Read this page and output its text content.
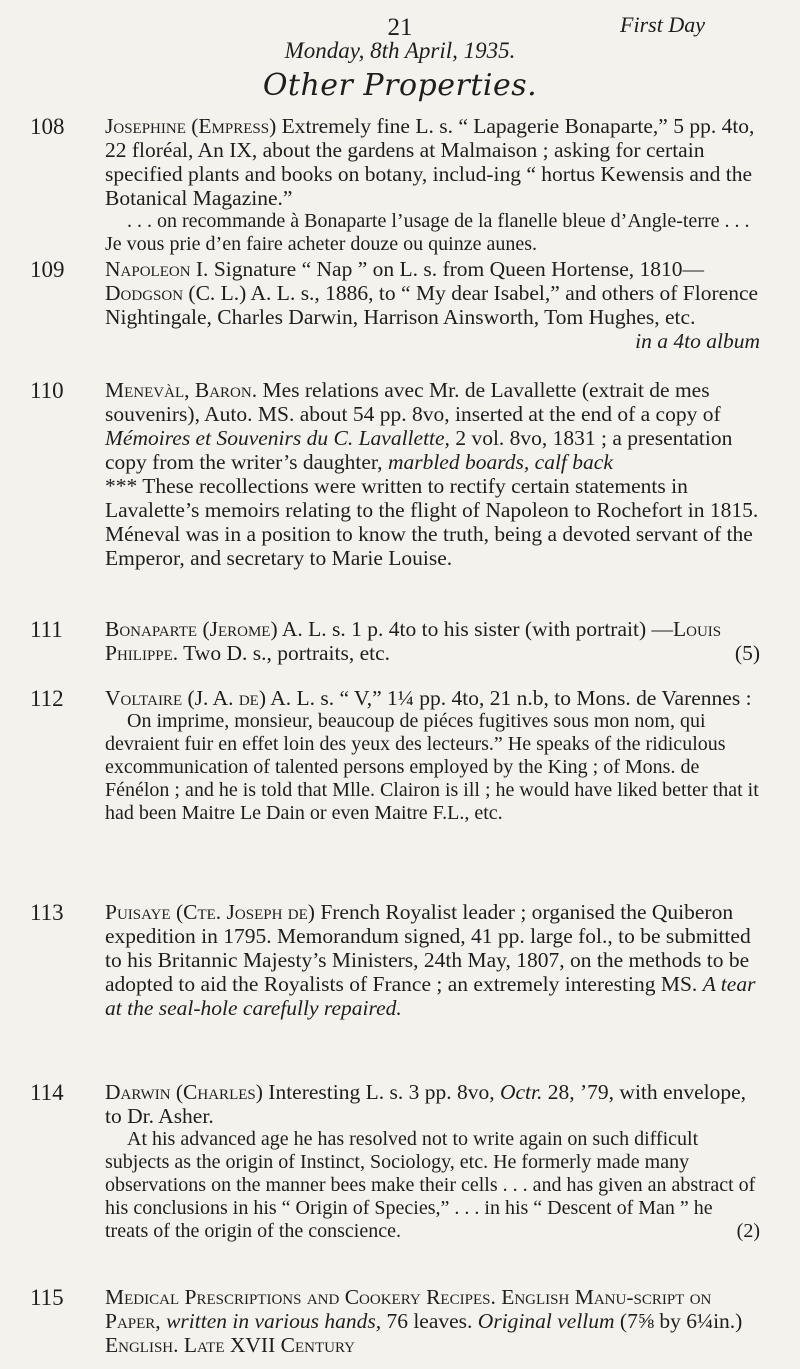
21	First Day
Monday, 8th April, 1935.
Other Properties.
108 Josephine (Empress) Extremely fine L. s. “ Lapagerie Bonaparte,” 5 pp. 4to, 22 floréal, An IX, about the gardens at Malmaison ; asking for certain specified plants and books on botany, includ-ing “ hortus Kewensis and the Botanical Magazine.”

. . . on recommande à Bonaparte l’usage de la flanelle bleue d’Angle-terre . . . Je vous prie d’en faire acheter douze ou quinze aunes.

109 Napoleon I. Signature “ Nap ” on L. s. from Queen Hortense, 1810—Dodgson (C. L.) A. L. s., 1886, to “ My dear Isabel,” and others of Florence Nightingale, Charles Darwin, Harrison Ainsworth, Tom Hughes, etc.
in a 4to album

110 Menevàl, Baron. Mes relations avec Mr. de Lavallette (extrait de mes souvenirs), Auto. MS. about 54 pp. 8vo, inserted at the end of a copy of Mémoires et Souvenirs du C. Lavallette, 2 vol. 8vo, 1831 ; a presentation copy from the writer’s daughter, marbled boards, calf back

*** These recollections were written to rectify certain statements in Lavalette’s memoirs relating to the flight of Napoleon to Rochefort in 1815. Méneval was in a position to know the truth, being a devoted servant of the Emperor, and secretary to Marie Louise.

111 Bonaparte (Jerome) A. L. s. 1 p. 4to to his sister (with portrait) —Louis Philippe. Two D. s., portraits, etc.	(5)

112 Voltaire (J. A. de) A. L. s. “ V,” 1¼ pp. 4to, 21 n.b, to Mons. de Varennes :

On imprime, monsieur, beaucoup de piéces fugitives sous mon nom, qui devraient fuir en effet loin des yeux des lecteurs.” He speaks of the ridiculous excommunication of talented persons employed by the King ; of Mons. de Fénélon ; and he is told that Mlle. Clairon is ill ; he would have liked better that it had been Maitre Le Dain or even Maitre F.L., etc.

113 Puisaye (Cte. Joseph de) French Royalist leader ; organised the Quiberon expedition in 1795. Memorandum signed, 41 pp. large fol., to be submitted to his Britannic Majesty’s Ministers, 24th May, 1807, on the methods to be adopted to aid the Royalists of France ; an extremely interesting MS. A tear at the seal-hole carefully repaired.

114 Darwin (Charles) Interesting L. s. 3 pp. 8vo, Octr. 28, ’79, with envelope, to Dr. Asher.

At his advanced age he has resolved not to write again on such difficult subjects as the origin of Instinct, Sociology, etc. He formerly made many observations on the manner bees make their cells . . . and has given an abstract of his conclusions in his “ Origin of Species,” . . . in his “ Descent of Man ” he treats of the origin of the conscience.	(2)

115 Medical Prescriptions and Cookery Recipes. English Manu-script on Paper, written in various hands, 76 leaves. Original vellum (7⅝ by 6¼in.) English. Late XVII Century
